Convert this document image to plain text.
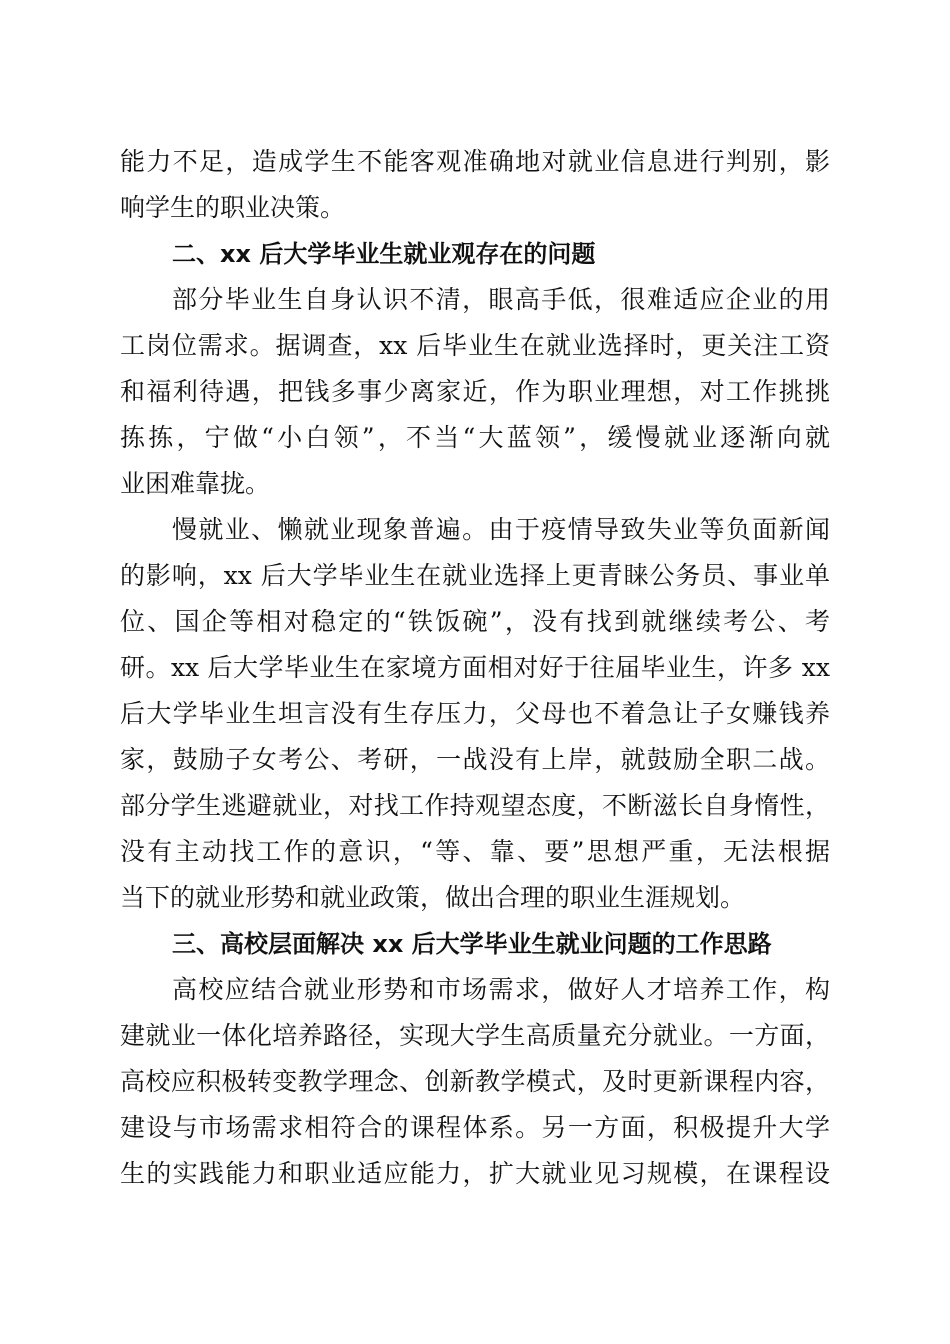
能力不足，造成学生不能客观准确地对就业信息进行判别，影
响学生的职业决策。
二、xx 后大学毕业生就业观存在的问题
部分毕业生自身认识不清，眼高手低，很难适应企业的用
工岗位需求。据调查，xx 后毕业生在就业选择时，更关注工资
和福利待遇，把钱多事少离家近，作为职业理想，对工作挑挑
拣拣，宁做“小白领”，不当“大蓝领”，缓慢就业逐渐向就
业困难靠拢。
慢就业、懒就业现象普遍。由于疫情导致失业等负面新闻
的影响，xx 后大学毕业生在就业选择上更青睐公务员、事业单
位、国企等相对稳定的“铁饭碗”，没有找到就继续考公、考
研。xx 后大学毕业生在家境方面相对好于往届毕业生，许多 xx
后大学毕业生坦言没有生存压力，父母也不着急让子女赚钱养
家，鼓励子女考公、考研，一战没有上岸，就鼓励全职二战。
部分学生逃避就业，对找工作持观望态度，不断滋长自身惰性，
没有主动找工作的意识，“等、靠、要”思想严重，无法根据
当下的就业形势和就业政策，做出合理的职业生涯规划。
三、高校层面解决 xx 后大学毕业生就业问题的工作思路
高校应结合就业形势和市场需求，做好人才培养工作，构
建就业一体化培养路径，实现大学生高质量充分就业。一方面，
高校应积极转变教学理念、创新教学模式，及时更新课程内容，
建设与市场需求相符合的课程体系。另一方面，积极提升大学
生的实践能力和职业适应能力，扩大就业见习规模，在课程设
